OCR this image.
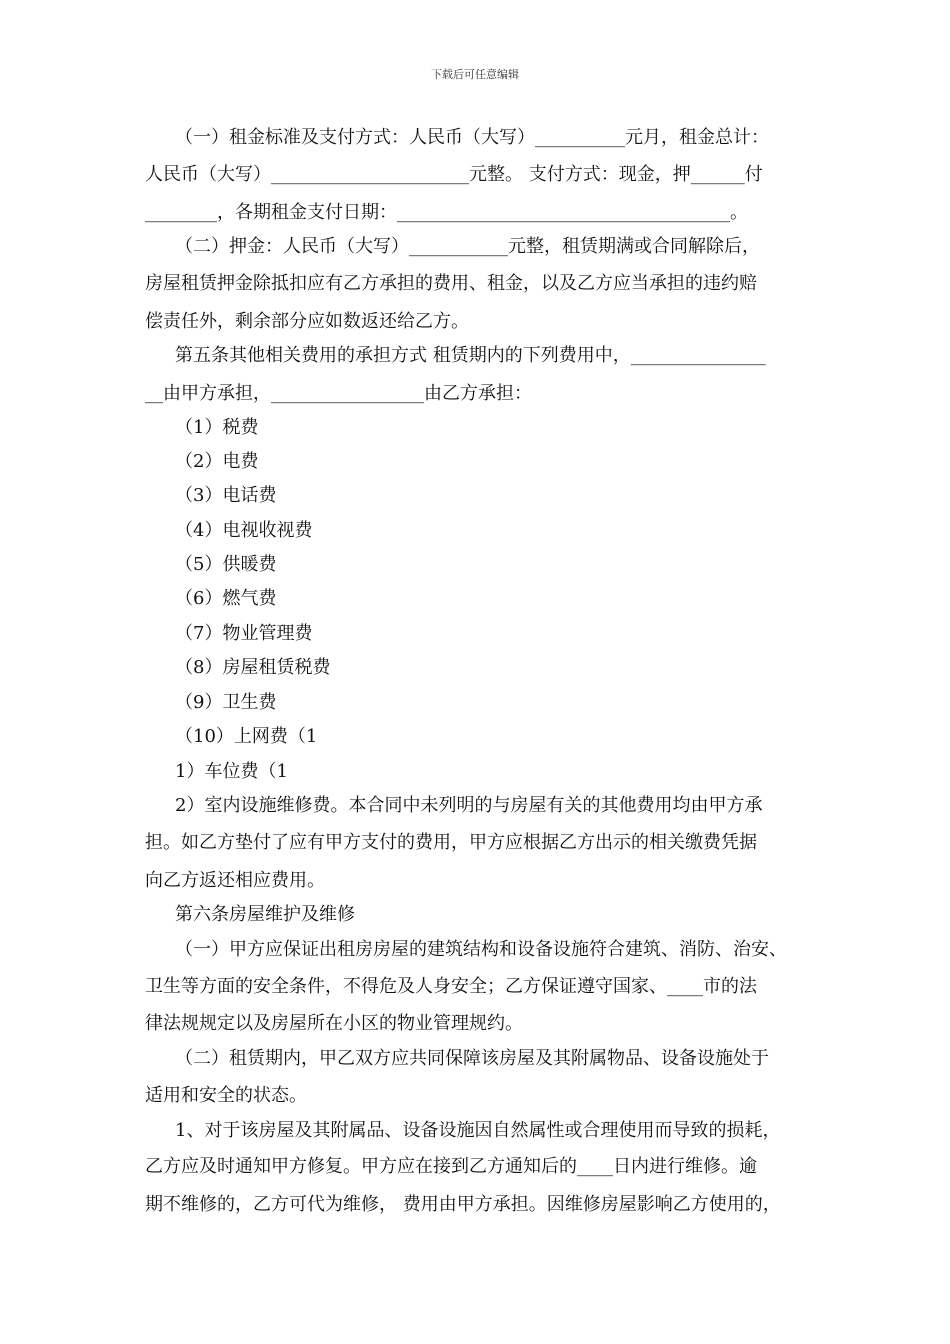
下载后可任意编辑
（一）租金标准及支付方式：人民币（大写）__________元月，租金总计：
人民币（大写）______________________元整。 支付方式：现金，押______付
________，各期租金支付日期：_____________________________________。
（二）押金：人民币（大写）___________元整，租赁期满或合同解除后，
房屋租赁押金除抵扣应有乙方承担的费用、租金，以及乙方应当承担的违约赔
偿责任外，剩余部分应如数返还给乙方。
第五条其他相关费用的承担方式 租赁期内的下列费用中，_______________
__由甲方承担，_________________由乙方承担：
（1）税费
（2）电费
（3）电话费
（4）电视收视费
（5）供暖费
（6）燃气费
（7）物业管理费
（8）房屋租赁税费
（9）卫生费
（10）上网费（1
1）车位费（1
2）室内设施维修费。本合同中未列明的与房屋有关的其他费用均由甲方承
担。如乙方垫付了应有甲方支付的费用，甲方应根据乙方出示的相关缴费凭据
向乙方返还相应费用。
第六条房屋维护及维修
（一）甲方应保证出租房房屋的建筑结构和设备设施符合建筑、消防、治安、
卫生等方面的安全条件，不得危及人身安全；乙方保证遵守国家、____市的法
律法规规定以及房屋所在小区的物业管理规约。
（二）租赁期内，甲乙双方应共同保障该房屋及其附属物品、设备设施处于
适用和安全的状态。
1、对于该房屋及其附属品、设备设施因自然属性或合理使用而导致的损耗，
乙方应及时通知甲方修复。甲方应在接到乙方通知后的____日内进行维修。逾
期不维修的，乙方可代为维修， 费用由甲方承担。因维修房屋影响乙方使用的，
